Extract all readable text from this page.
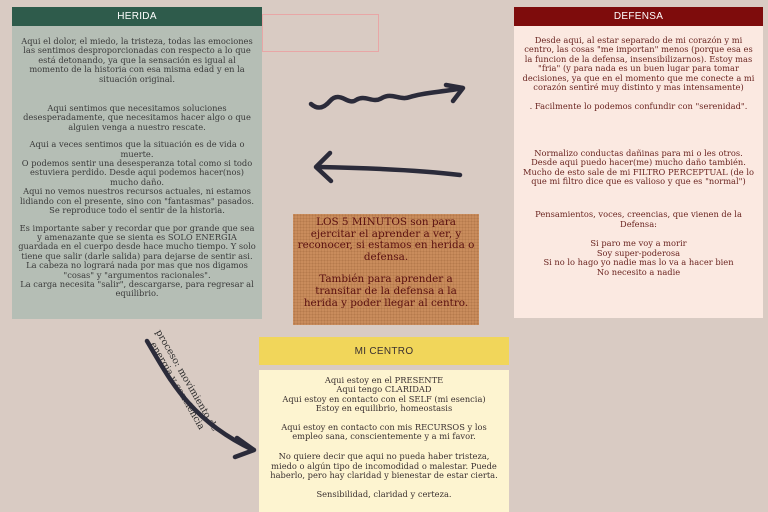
HERIDA

Aqui el dolor, el miedo, la tristeza, todas las emociones las sentimos desproporcionadas con respecto a lo que está detonando, ya que la sensación es igual al momento de la historia con esa misma edad y en la situación original.

Aqui sentimos que necesitamos soluciones desesperadamente, que necesitamos hacer algo o que alguien venga a nuestro rescate.

Aqui a veces sentimos que la situación es de vida o muerte.

O podemos sentir una desesperanza total como si todo estuviera perdido. Desde aqui podemos hacer(nos) mucho daño.

Aqui no vemos nuestros recursos actuales, ni estamos lidiando con el presente, sino con "fantasmas" pasados. Se reproduce todo el sentir de la historia.

Es importante saber y recordar que por grande que sea y amenazante que se sienta es SOLO ENERGIA guardada en el cuerpo desde hace mucho tiempo. Y solo tiene que salir (darle salida) para dejarse de sentir asi.

La cabeza no logrará nada por mas que nos digamos "cosas" y "argumentos racionales".

La carga necesita "salir", descargarse, para regresar al equilibrio.

DEFENSA

Desde aqui, al estar separado de mi corazón y mi centro, las cosas "me importan" menos (porque esa es la funcion de la defensa, insensibilizarnos). Estoy mas "fria" (y para nada es un buen lugar para tomar decisiones, ya que en el momento que me conecte a mi corazón sentiré muy distinto y mas intensamente)

. Facilmente lo podemos confundir con "serenidad".

Normalizo conductas dañinas para mi o les otros. Desde aqui puedo hacer(me) mucho daño también.

Mucho de esto sale de mi FILTRO PERCEPTUAL (de lo que mi filtro dice que es valioso y que es "normal")

Pensamientos, voces, creencias, que vienen de la Defensa:

Si paro me voy a morir

Soy super-poderosa

Si no lo hago yo nadie mas lo va a hacer bien

No necesito a nadie

LOS 5 MINUTOS son para ejercitar el aprender a ver, y reconocer, si estamos en herida o defensa.

También para aprender a transitar de la defensa a la herida y poder llegar al centro.

MI CENTRO

Aqui estoy en el PRESENTE

Aqui tengo CLARIDAD

Aqui estoy en contacto con el SELF (mi esencia)

Estoy en equilibrio, homeostasis

Aqui estoy en contacto con mis RECURSOS y los empleo sana, conscientemente y a mi favor.

No quiere decir que aqui no pueda haber tristeza, miedo o algún tipo de incomodidad o malestar. Puede haberlo, pero hay claridad y bienestar de estar cierta.

Sensibilidad, claridad y certeza.

proceso: movimiento de energia y conciencia
